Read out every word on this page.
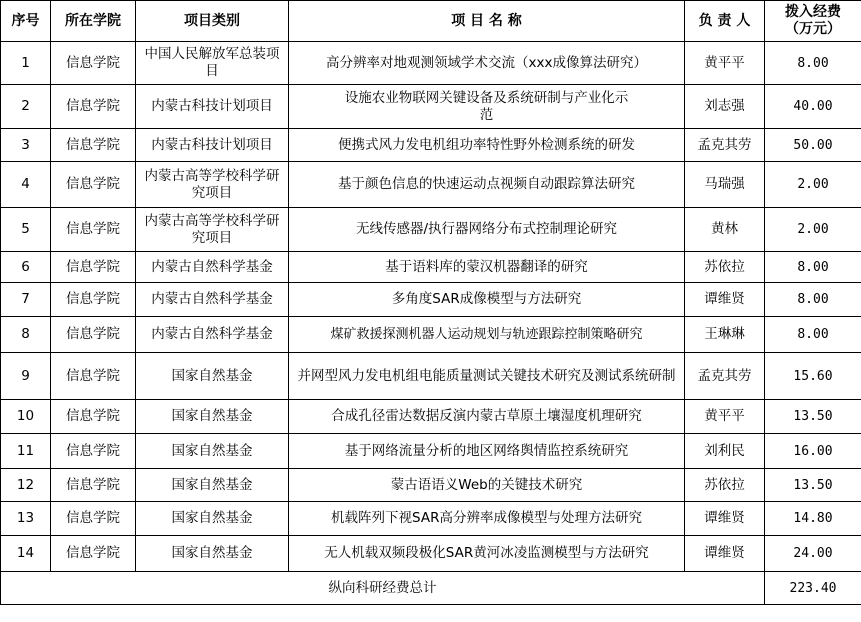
序号	所在学院	项目类别	项 目 名 称	负 责 人	拨入经费（万元）
1	信息学院	中国人民解放军总装项目	高分辨率对地观测领域学术交流（xxx成像算法研究）	黄平平	8.00
2	信息学院	内蒙古科技计划项目	设施农业物联网关键设备及系统研制与产业化示范	刘志强	40.00
3	信息学院	内蒙古科技计划项目	便携式风力发电机组功率特性野外检测系统的研发	孟克其劳	50.00
4	信息学院	内蒙古高等学校科学研究项目	基于颜色信息的快速运动点视频自动跟踪算法研究	马瑞强	2.00
5	信息学院	内蒙古高等学校科学研究项目	无线传感器/执行器网络分布式控制理论研究	黄林	2.00
6	信息学院	内蒙古自然科学基金	基于语料库的蒙汉机器翻译的研究	苏依拉	8.00
7	信息学院	内蒙古自然科学基金	多角度SAR成像模型与方法研究	谭维贤	8.00
8	信息学院	内蒙古自然科学基金	煤矿救援探测机器人运动规划与轨迹跟踪控制策略研究	王琳琳	8.00
9	信息学院	国家自然基金	并网型风力发电机组电能质量测试关键技术研究及测试系统研制	孟克其劳	15.60
10	信息学院	国家自然基金	合成孔径雷达数据反演内蒙古草原土壤湿度机理研究	黄平平	13.50
11	信息学院	国家自然基金	基于网络流量分析的地区网络舆情监控系统研究	刘利民	16.00
12	信息学院	国家自然基金	蒙古语语义Web的关键技术研究	苏依拉	13.50
13	信息学院	国家自然基金	机载阵列下视SAR高分辨率成像模型与处理方法研究	谭维贤	14.80
14	信息学院	国家自然基金	无人机载双频段极化SAR黄河冰凌监测模型与方法研究	谭维贤	24.00
纵向科研经费总计					223.40
